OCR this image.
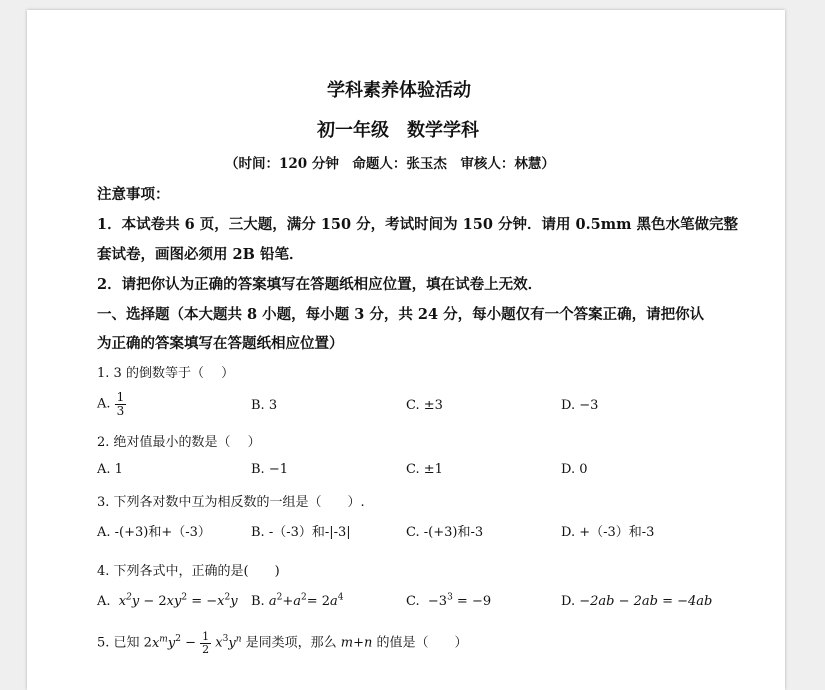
学科素养体验活动
初一年级　数学学科
（时间：120 分钟　命题人：张玉杰　审核人：林慧）
注意事项：
1．本试卷共 6 页，三大题，满分 150 分，考试时间为 150 分钟．请用 0.5mm 黑色水笔做完整
套试卷，画图必须用 2B 铅笔．
2．请把你认为正确的答案填写在答题纸相应位置，填在试卷上无效．
一、选择题（本大题共 8 小题，每小题 3 分，共 24 分，每小题仅有一个答案正确，请把你认
为正确的答案填写在答题纸相应位置）
1. 3 的倒数等于（　 ）
A. $\frac{1}{3}$	B. 3	C. ±3	D. −3
2. 绝对值最小的数是（　 ）
A. 1	B. −1	C. ±1	D. 0
3. 下列各对数中互为相反数的一组是（　　）.
A. -(+3)和+（-3）	B. -（-3）和-|-3|	C. -(+3)和-3	D. +（-3）和-3
4. 下列各式中，正确的是(　　)
A.  $x^2y - 2xy^2 = -x^2y$ B. $a^2+a^2= 2a^4$	C.  $-3^3 = -9$	D. −2ab − 2ab = −4ab
5. 已知 $2x^my^2 - \frac{1}{2} x^3y^n$ 是同类项，那么 m+n 的值是（　　）
